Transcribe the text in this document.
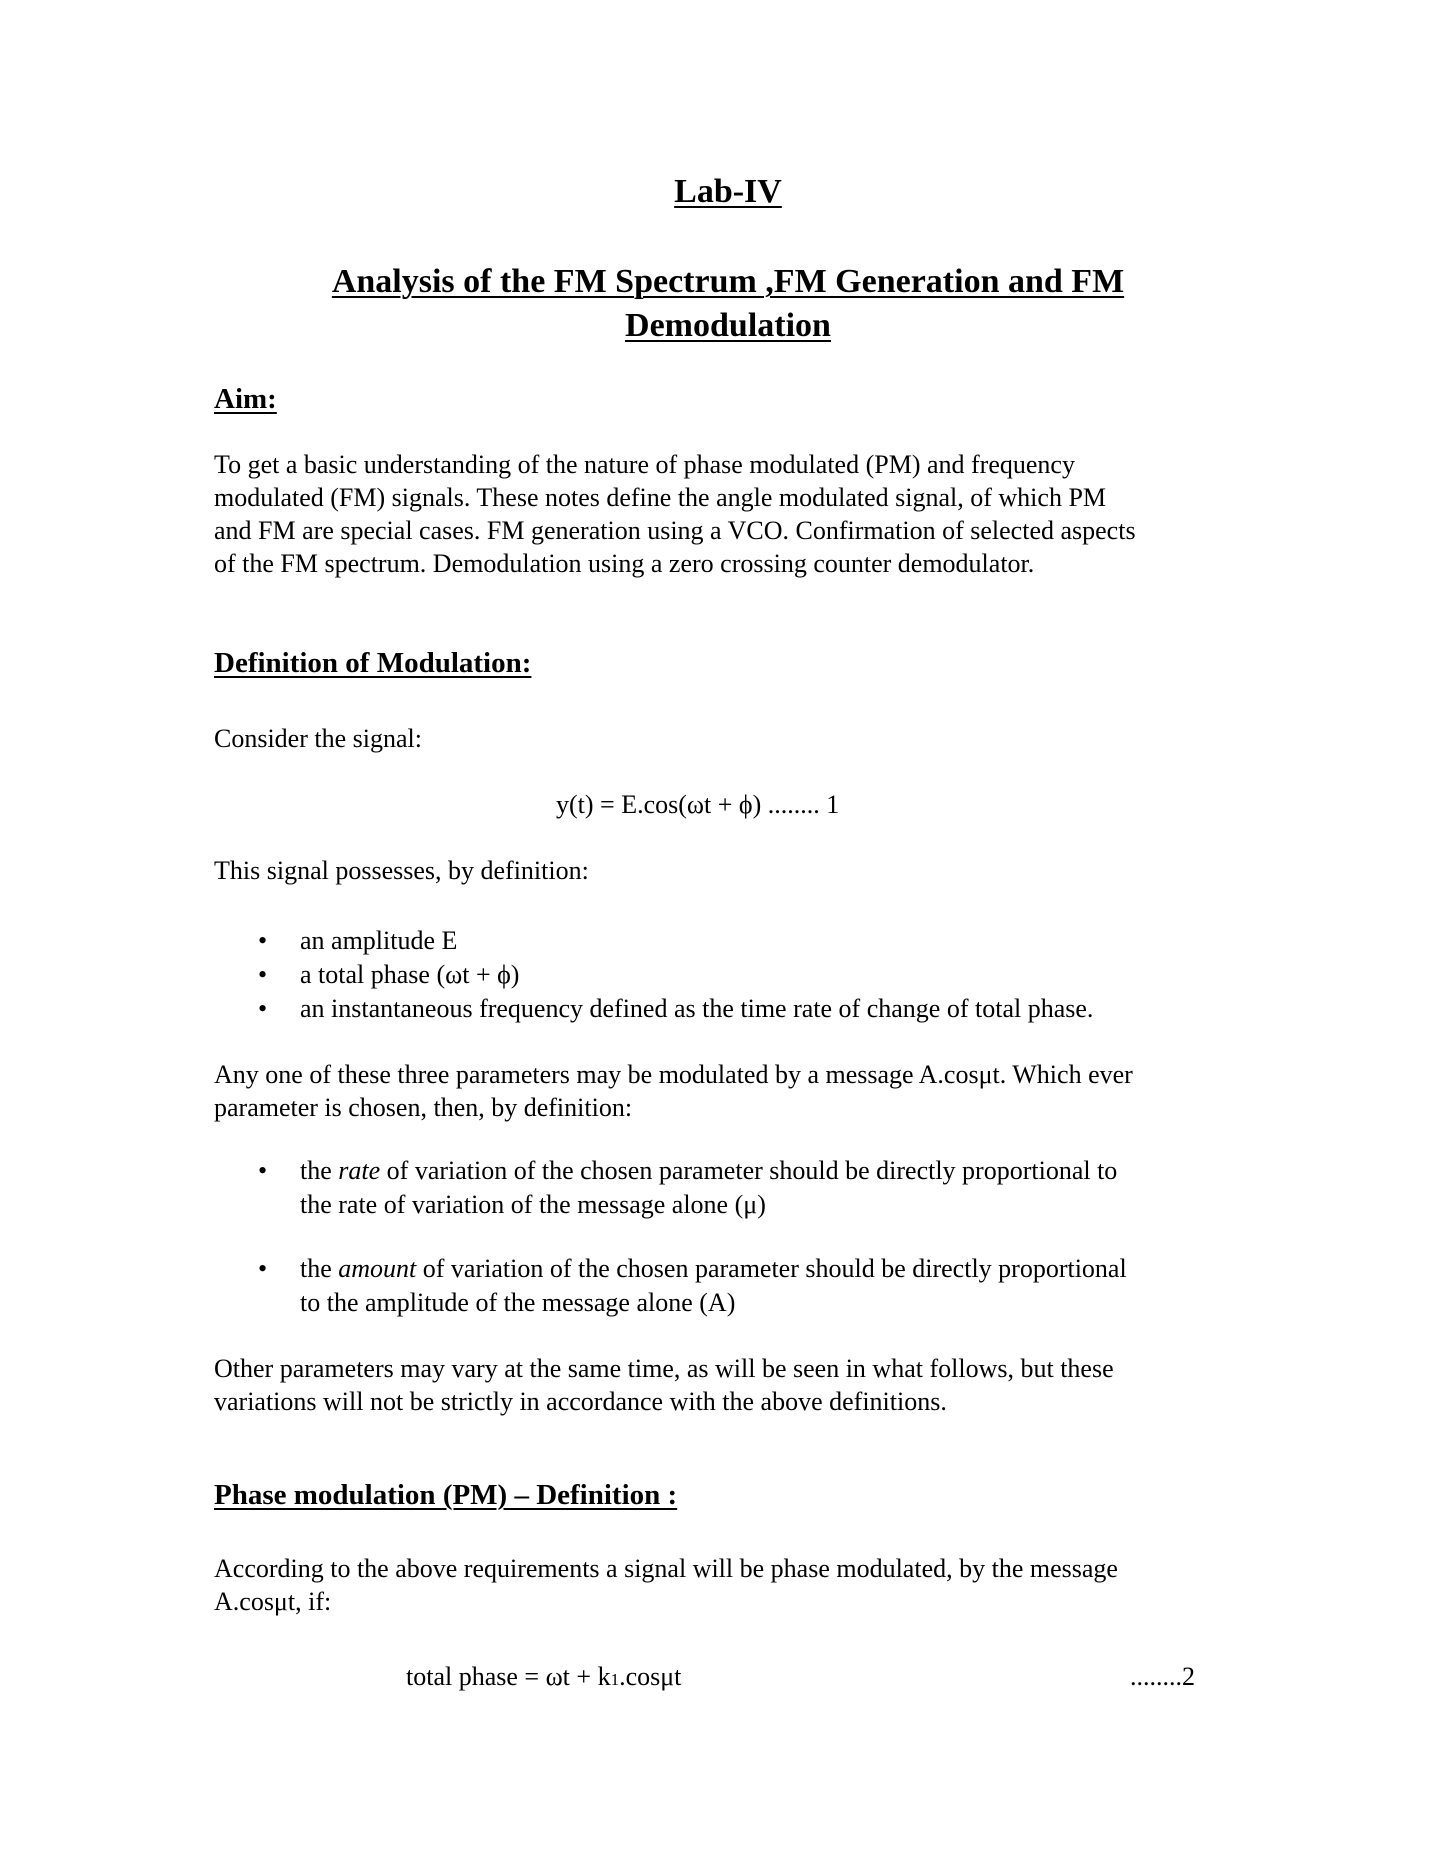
Lab-IV
Analysis of the FM Spectrum ,FM Generation and FM
Demodulation
Aim:

To get a basic understanding of the nature of phase modulated (PM) and frequency
modulated (FM) signals. These notes define the angle modulated signal, of which PM
and FM are special cases. FM generation using a VCO. Confirmation of selected aspects
of the FM spectrum. Demodulation using a zero crossing counter demodulator.

Definition of Modulation:

Consider the signal:

y(t) = E.cos(ωt + ϕ) ........ 1

This signal possesses, by definition:

• an amplitude E
• a total phase (ωt + ϕ)
• an instantaneous frequency defined as the time rate of change of total phase.

Any one of these three parameters may be modulated by a message A.cosμt. Which ever
parameter is chosen, then, by definition:

• the rate of variation of the chosen parameter should be directly proportional to
the rate of variation of the message alone (μ)
• the amount of variation of the chosen parameter should be directly proportional
to the amplitude of the message alone (A)

Other parameters may vary at the same time, as will be seen in what follows, but these
variations will not be strictly in accordance with the above definitions.

Phase modulation (PM) – Definition :

According to the above requirements a signal will be phase modulated, by the message
A.cosμt, if:

total phase = ωt + k1.cosμt	........2
